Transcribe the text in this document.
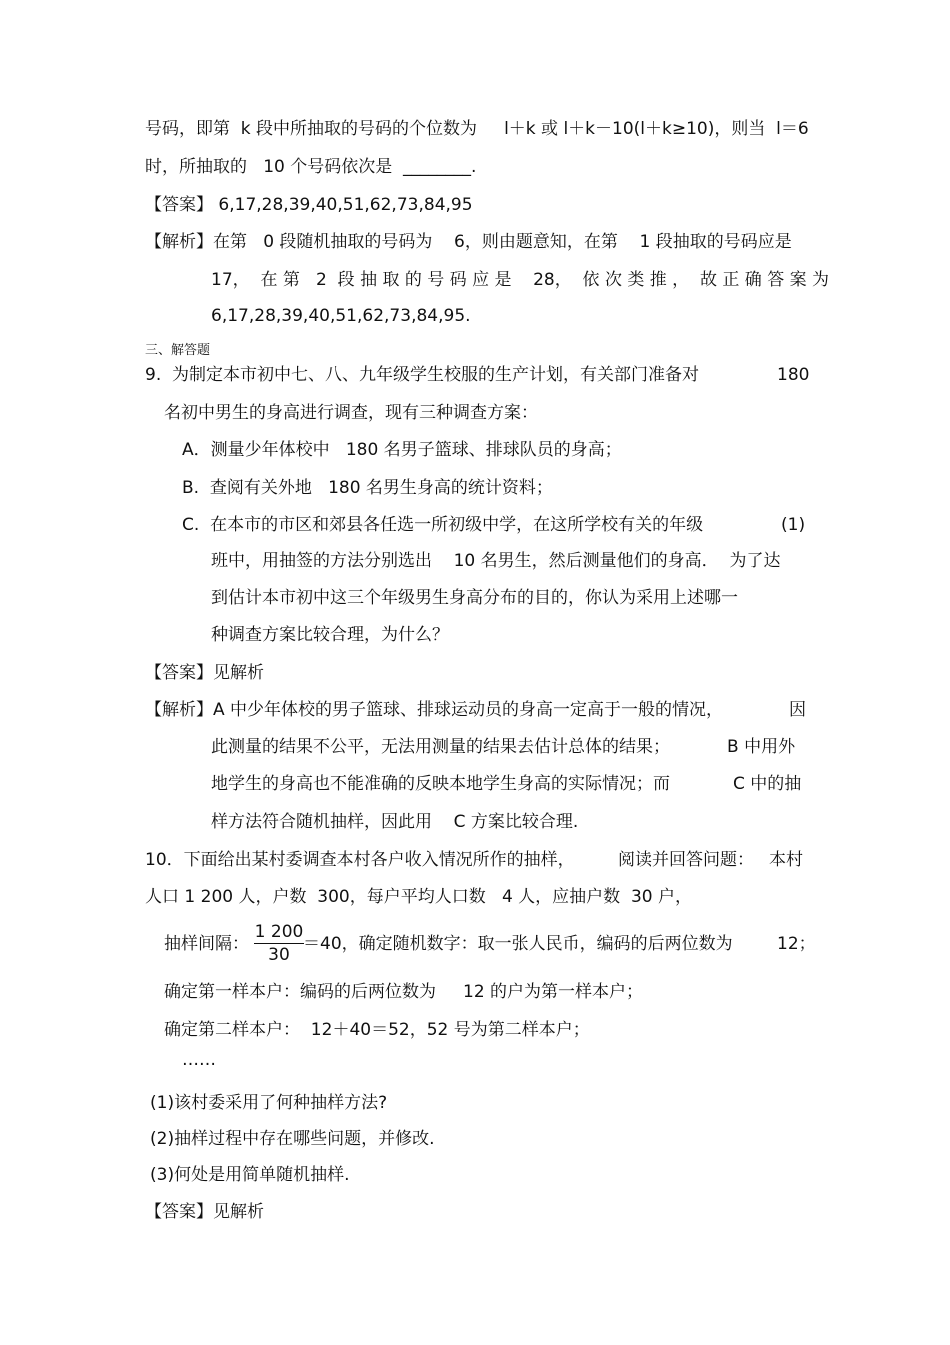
号码，即第  k 段中所抽取的号码的个位数为     l＋k 或 l＋k－10(l＋k≥10)，则当  l＝6
时，所抽取的   10 个号码依次是  ________.
【答案】 6,17,28,39,40,51,62,73,84,95
【解析】在第   0 段随机抽取的号码为    6，则由题意知，在第    1 段抽取的号码应是
17，  在 第   2  段 抽 取 的 号 码 应 是    28，  依 次 类 推 ，  故 正 确 答 案 为
6,17,28,39,40,51,62,73,84,95.
三、解答题
9.  为制定本市初中七、八、九年级学生校服的生产计划，有关部门准备对	180
名初中男生的身高进行调查，现有三种调查方案：
A．测量少年体校中   180 名男子篮球、排球队员的身高；
B.  查阅有关外地   180 名男生身高的统计资料；
C.  在本市的市区和郊县各任选一所初级中学，在这所学校有关的年级	(1)
班中，用抽签的方法分别选出    10 名男生，然后测量他们的身高．  为了达
到估计本市初中这三个年级男生身高分布的目的，你认为采用上述哪一
种调查方案比较合理，为什么？
【答案】见解析
【解析】A 中少年体校的男子篮球、排球运动员的身高一定高于一般的情况，	因
此测量的结果不公平，无法用测量的结果去估计总体的结果；	B 中用外
地学生的身高也不能准确的反映本地学生身高的实际情况；而	C 中的抽
样方法符合随机抽样，因此用    C 方案比较合理.
10．下面给出某村委调查本村各户收入情况所作的抽样，	阅读并回答问题： 本村
人口 1 200 人，户数  300，每户平均人口数   4 人，应抽户数  30 户，
抽样间隔：
1 200
30
＝40，确定随机数字：取一张人民币，编码的后两位数为	12；
确定第一样本户：编码的后两位数为     12 的户为第一样本户；
确定第二样本户：  12＋40＝52，52 号为第二样本户；
……
(1)该村委采用了何种抽样方法?
(2)抽样过程中存在哪些问题，并修改.
(3)何处是用简单随机抽样.
【答案】见解析
